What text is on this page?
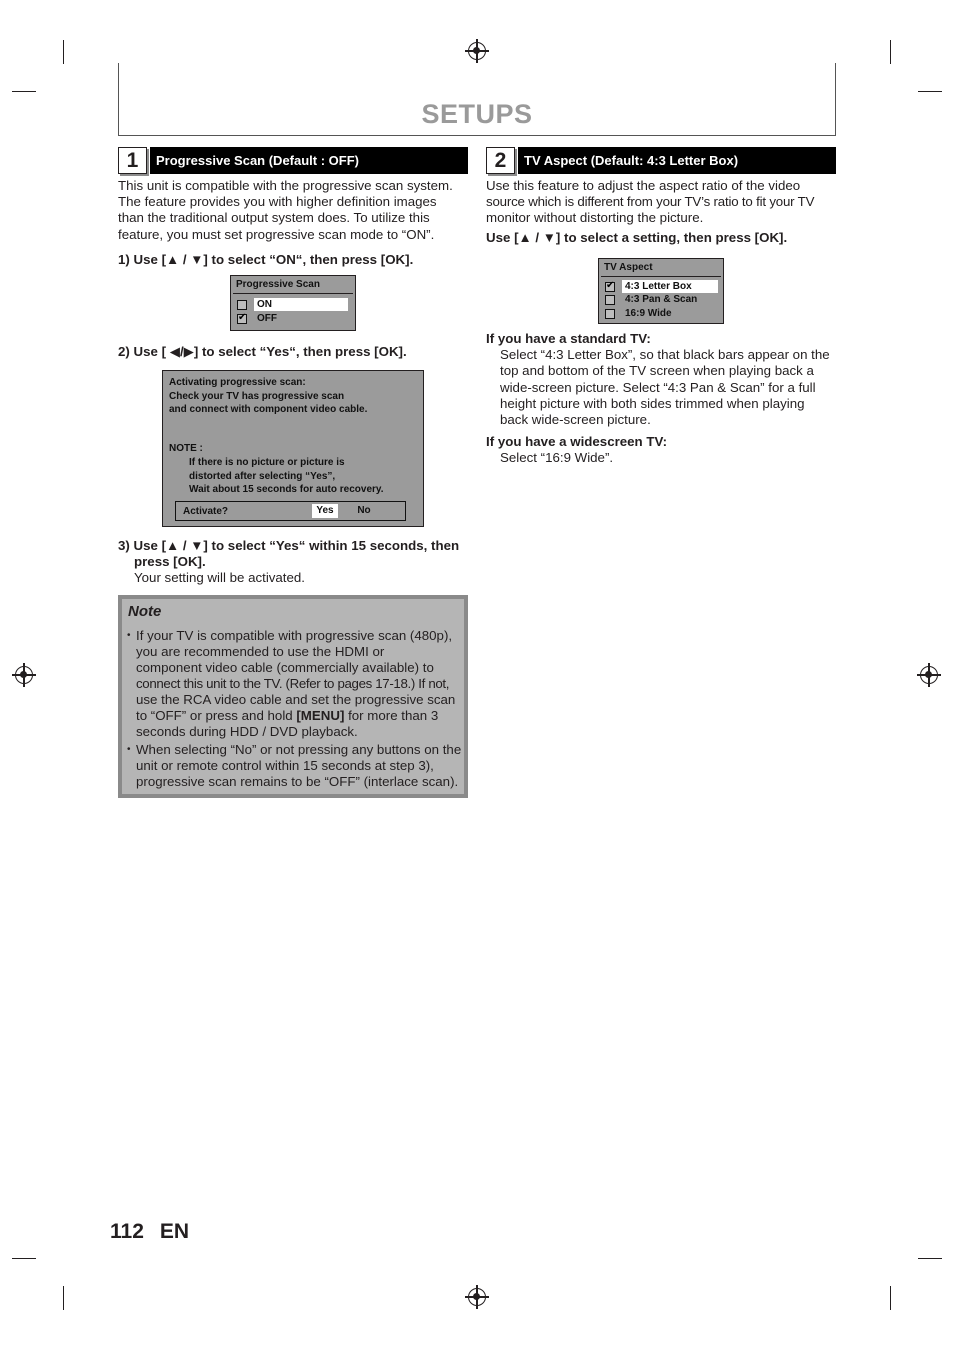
SETUPS
1	Progressive Scan (Default : OFF)
This unit is compatible with the progressive scan system.
The feature provides you with higher definition images
than the traditional output system does. To utilize this
feature, you must set progressive scan mode to “ON”.
1) Use [▲ / ▼] to select “ON“, then press [OK].
Progressive Scan
ON
✔
OFF
2) Use [ ◀/▶] to select “Yes“, then press [OK].
Activating progressive scan:
Check your TV has progressive scan
and connect with component video cable.
NOTE :
If there is no picture or picture is
distorted after selecting “Yes”,
Wait about 15 seconds for auto recovery.
Activate?	Yes	No
3) Use [▲ / ▼] to select “Yes“ within 15 seconds, then
press [OK].
Your setting will be activated.
Note
• If your TV is compatible with progressive scan (480p),
you are recommended to use the HDMI or
component video cable (commercially available) to
connect this unit to the TV. (Refer to pages 17-18.) If not,
use the RCA video cable and set the progressive scan
to “OFF” or press and hold [MENU] for more than 3
seconds during HDD / DVD playback.
• When selecting “No” or not pressing any buttons on the
unit or remote control within 15 seconds at step 3),
progressive scan remains to be “OFF” (interlace scan).
2	TV Aspect (Default: 4:3 Letter Box)
Use this feature to adjust the aspect ratio of the video
source which is different from your TV’s ratio to fit your TV
monitor without distorting the picture.
Use [▲ / ▼] to select a setting, then press [OK].
TV Aspect
✔
4:3 Letter Box
4:3 Pan & Scan
16:9 Wide
If you have a standard TV:
Select “4:3 Letter Box”, so that black bars appear on the
top and bottom of the TV screen when playing back a
wide-screen picture. Select “4:3 Pan & Scan” for a full
height picture with both sides trimmed when playing
back wide-screen picture.
If you have a widescreen TV:
Select “16:9 Wide”.
112 EN
